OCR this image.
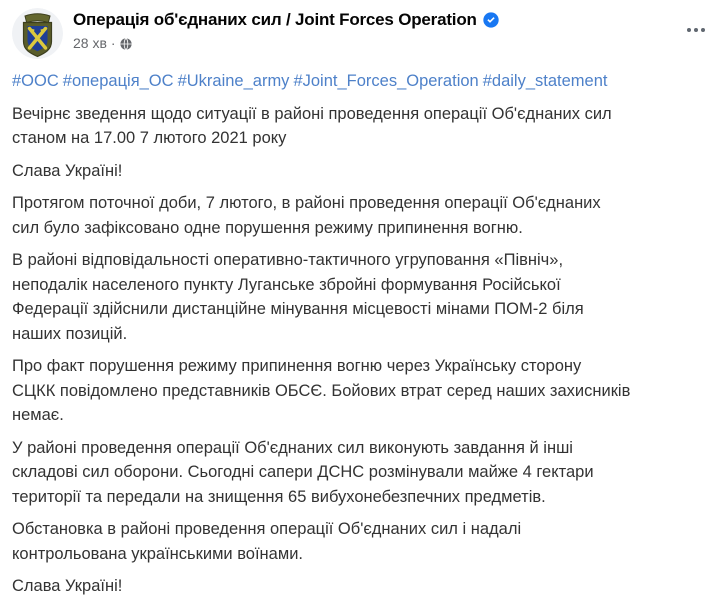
Операція об'єднаних сил / Joint Forces Operation
28 хв ·
#ООС #операція_ОС #Ukraine_army #Joint_Forces_Operation #daily_statement

Вечірнє зведення щодо ситуації в районі проведення операції Об'єднаних сил
станом на 17.00 7 лютого 2021 року

Слава Україні!

Протягом поточної доби, 7 лютого, в районі проведення операції Об'єднаних
сил було зафіксовано одне порушення режиму припинення вогню.

В районі відповідальності оперативно-тактичного угруповання «Північ»,
неподалік населеного пункту Луганське збройні формування Російської
Федерації здійснили дистанційне мінування місцевості мінами ПОМ-2 біля
наших позицій.

Про факт порушення режиму припинення вогню через Українську сторону
СЦКК повідомлено представників ОБСЄ. Бойових втрат серед наших захисників
немає.

У районі проведення операції Об'єднаних сил виконують завдання й інші
складові сил оборони. Сьогодні сапери ДСНС розмінували майже 4 гектари
території та передали на знищення 65 вибухонебезпечних предметів.

Обстановка в районі проведення операції Об'єднаних сил і надалі
контрольована українськими воїнами.

Слава Україні!
